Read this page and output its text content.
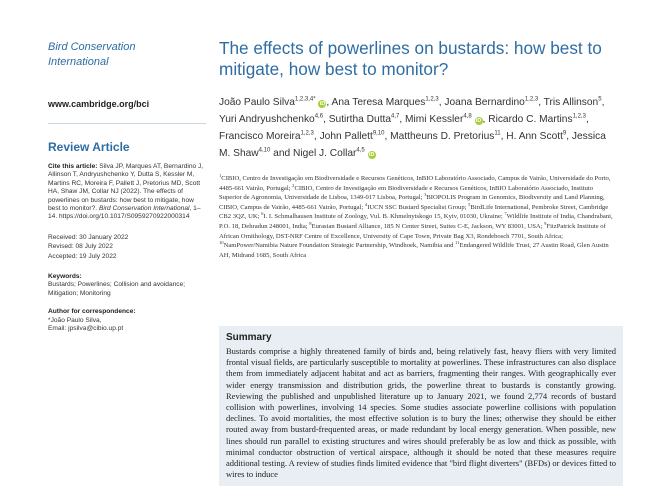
Bird Conservation
International
www.cambridge.org/bci
Review Article
Cite this article: Silva JP, Marques AT, Bernardino J, Allinson T, Andryushchenko Y, Dutta S, Kessler M, Martins RC, Moreira F, Pallett J, Pretorius MD, Scott HA, Shaw JM, Collar NJ (2022). The effects of powerlines on bustards: how best to mitigate, how best to monitor?. Bird Conservation International, 1–14. https://doi.org/10.1017/S0959270922000314
Received: 30 January 2022
Revised: 08 July 2022
Accepted: 19 July 2022
Keywords:
Bustards; Powerlines; Collision and avoidance; Mitigation; Monitoring
Author for correspondence:
*João Paulo Silva,
Email: jpsilva@cibio.up.pt
The effects of powerlines on bustards: how best to mitigate, how best to monitor?
João Paulo Silva$^{1,2,3,4*}$ iD, Ana Teresa Marques$^{1,2,3}$, Joana Bernardino$^{1,2,3}$, Tris Allinson$^5$, Yuri Andryushchenko$^{4,6}$, Sutirtha Dutta$^{4,7}$, Mimi Kessler$^{4,8}$ iD, Ricardo C. Martins$^{1,2,3}$, Francisco Moreira$^{1,2,3}$, John Pallett$^{9,10}$, Mattheuns D. Pretorius$^{11}$, H. Ann Scott$^9$, Jessica M. Shaw$^{4,10}$ and Nigel J. Collar$^{4,5}$ iD
$^1$CIBIO, Centro de Investigação em Biodiversidade e Recursos Genéticos, InBIO Laboratório Associado, Campus de Vairão, Universidade do Porto, 4485-661 Vairão, Portugal; $^2$CIBIO, Centro de Investigação em Biodiversidade e Recursos Genéticos, InBIO Laboratório Associado, Instituto Superior de Agronomia, Universidade de Lisboa, 1349-017 Lisboa, Portugal; $^3$BIOPOLIS Program in Genomics, Biodiversity and Land Planning, CIBIO, Campus de Vairão, 4485-661 Vairão, Portugal; $^4$IUCN SSC Bustard Specialist Group; $^5$BirdLife International, Pembroke Street, Cambridge CB2 3QZ, UK; $^6$I. I. Schmalhausen Institute of Zoology, Vul. B. Khmelnytskogo 15, Kyiv, 01030, Ukraine; $^7$Wildlife Institute of India, Chandrabani, P.O. 18, Dehradun 248001, India; $^8$Eurasian Bustard Alliance, 185 N Center Street, Suites C-E, Jackson, WY 83001, USA; $^9$FitzPatrick Institute of African Ornithology, DST-NRF Centre of Excellence, University of Cape Town, Private Bag X3, Rondebosch 7701, South Africa; $^{10}$NamPower/Namibia Nature Foundation Strategic Partnership, Windhoek, Namibia and $^{11}$Endangered Wildlife Trust, 27 Austin Road, Glen Austin AH, Midrand 1685, South Africa
Summary

Bustards comprise a highly threatened family of birds and, being relatively fast, heavy fliers with very limited frontal visual fields, are particularly susceptible to mortality at powerlines. These infrastructures can also displace them from immediately adjacent habitat and act as barriers, fragmenting their ranges. With geographically ever wider energy transmission and distribution grids, the powerline threat to bustards is constantly growing. Reviewing the published and unpublished literature up to January 2021, we found 2,774 records of bustard collision with powerlines, involving 14 species. Some studies associate powerline collisions with population declines. To avoid mortalities, the most effective solution is to bury the lines; otherwise they should be either routed away from bustard-frequented areas, or made redundant by local energy generation. When possible, new lines should run parallel to existing structures and wires should preferably be as low and thick as possible, with minimal conductor obstruction of vertical airspace, although it should be noted that these measures require additional testing. A review of studies finds limited evidence that "bird flight diverters" (BFDs) or devices fitted to wires to induce
